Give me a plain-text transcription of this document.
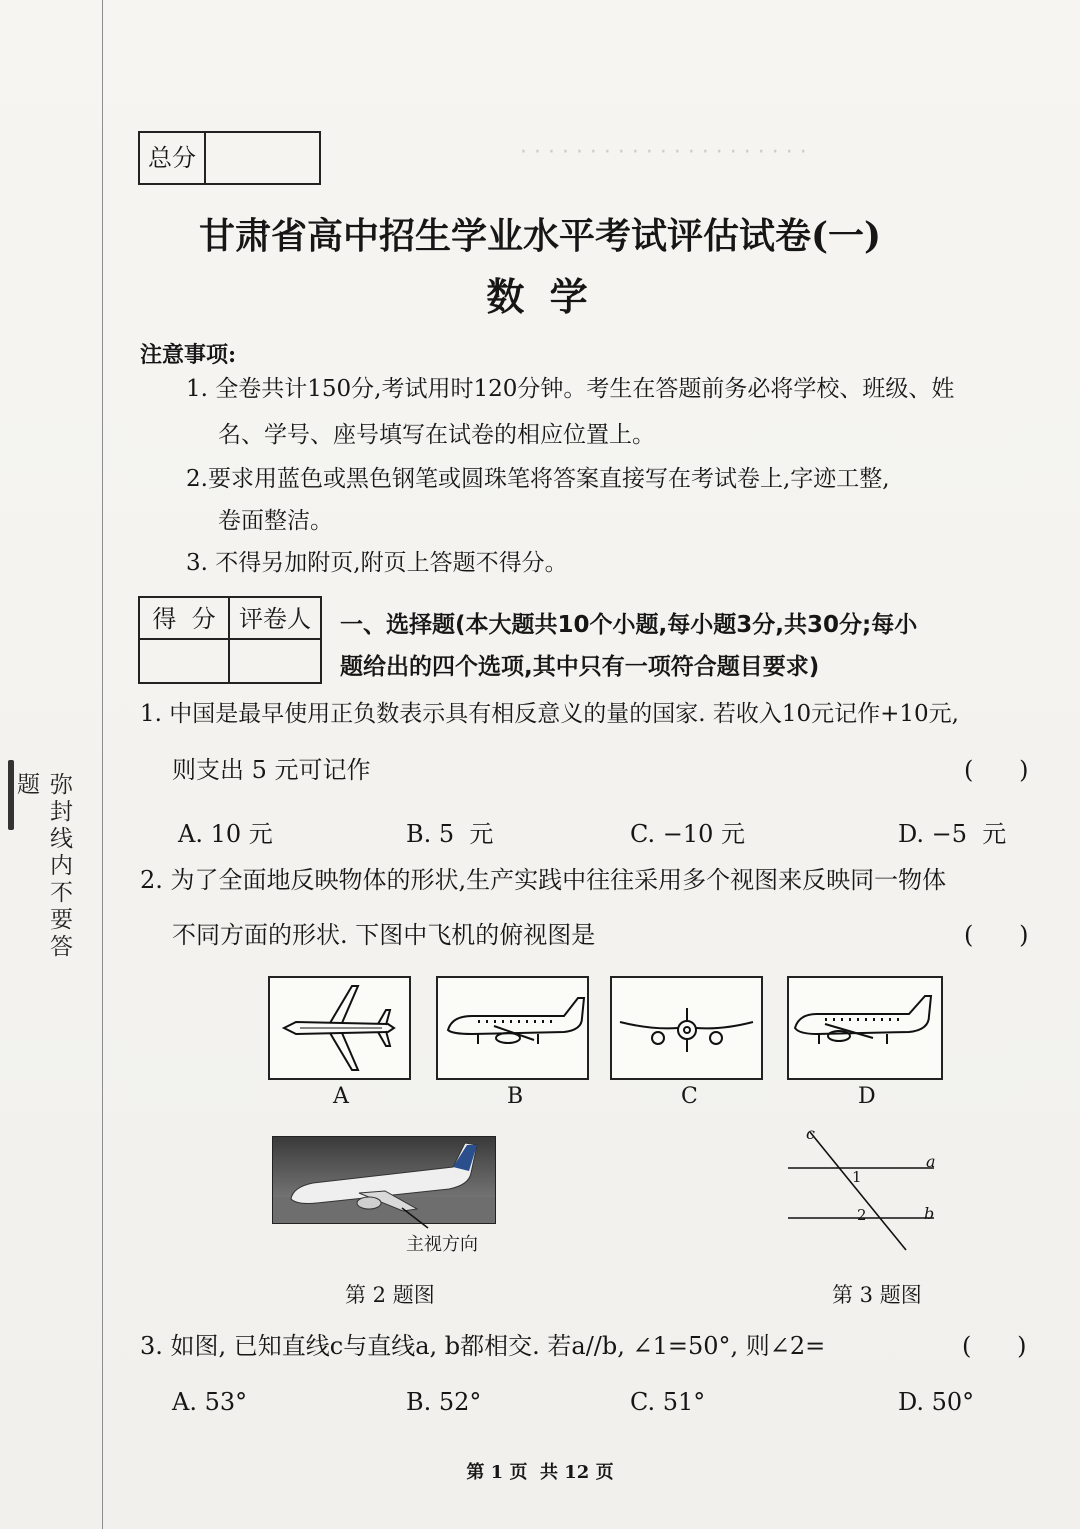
· · · · · · · · · · · · · · · · · · · · ·
弥封线内不要答题
总分
甘肃省高中招生学业水平考试评估试卷(一)
数 学
注意事项:
1. 全卷共计150分,考试用时120分钟。考生在答题前务必将学校、班级、姓
名、学号、座号填写在试卷的相应位置上。
2.要求用蓝色或黑色钢笔或圆珠笔将答案直接写在考试卷上,字迹工整,
卷面整洁。
3. 不得另加附页,附页上答题不得分。
得  分 评卷人	一、选择题(本大题共10个小题,每小题3分,共30分;每小
题给出的四个选项,其中只有一项符合题目要求)
1. 中国是最早使用正负数表示具有相反意义的量的国家. 若收入10元记作+10元,
则支出 5 元可记作	(      )
A. 10 元	B. 5  元	C. −10 元	D. −5  元
2. 为了全面地反映物体的形状,生产实践中往往采用多个视图来反映同一物体
不同方面的形状. 下图中飞机的俯视图是	(      )
A	B	C	D
主视方向
第 2 题图
c
a
b
1
2
第 3 题图
3. 如图, 已知直线c与直线a, b都相交. 若a//b, ∠1=50°, 则∠2=	(      )
A. 53°	B. 52°	C. 51°	D. 50°
第 1 页  共 12 页
